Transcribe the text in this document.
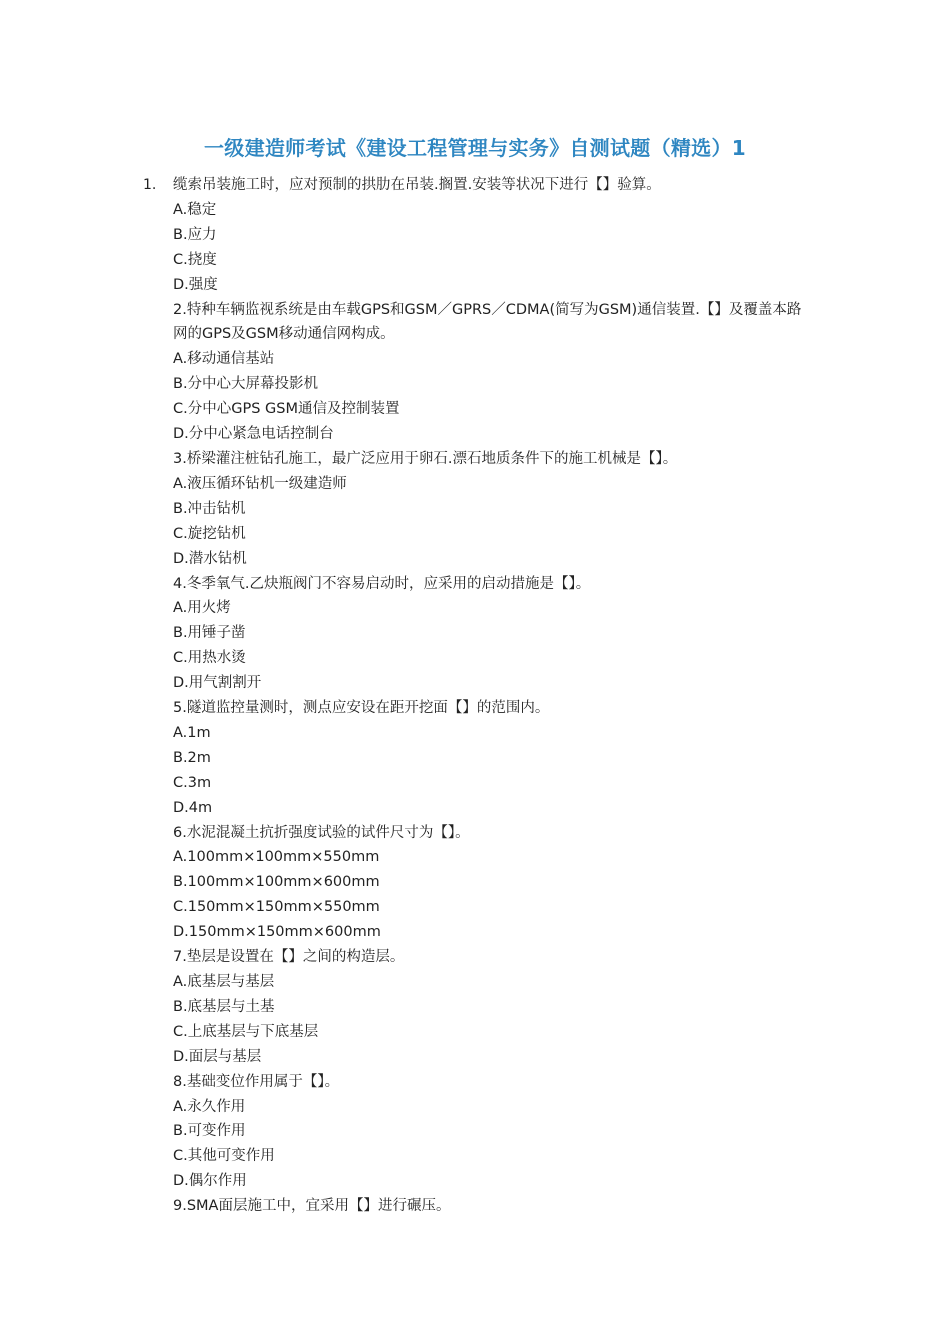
一级建造师考试《建设工程管理与实务》自测试题（精选）1
1. 缆索吊装施工时，应对预制的拱肋在吊装.搁置.安装等状况下进行【】验算。
A.稳定
B.应力
C.挠度
D.强度
2.特种车辆监视系统是由车载GPS和GSM／GPRS／CDMA(简写为GSM)通信装置.【】及覆盖本路网的GPS及GSM移动通信网构成。
A.移动通信基站
B.分中心大屏幕投影机
C.分中心GPS GSM通信及控制装置
D.分中心紧急电话控制台
3.桥梁灌注桩钻孔施工，最广泛应用于卵石.漂石地质条件下的施工机械是【】。
A.液压循环钻机一级建造师
B.冲击钻机
C.旋挖钻机
D.潜水钻机
4.冬季氧气.乙炔瓶阀门不容易启动时，应采用的启动措施是【】。
A.用火烤
B.用锤子凿
C.用热水烫
D.用气割割开
5.隧道监控量测时，测点应安设在距开挖面【】的范围内。
A.1m
B.2m
C.3m
D.4m
6.水泥混凝土抗折强度试验的试件尺寸为【】。
A.100mm×100mm×550mm
B.100mm×100mm×600mm
C.150mm×150mm×550mm
D.150mm×150mm×600mm
7.垫层是设置在【】之间的构造层。
A.底基层与基层
B.底基层与土基
C.上底基层与下底基层
D.面层与基层
8.基础变位作用属于【】。
A.永久作用
B.可变作用
C.其他可变作用
D.偶尔作用
9.SMA面层施工中，宜采用【】进行碾压。
